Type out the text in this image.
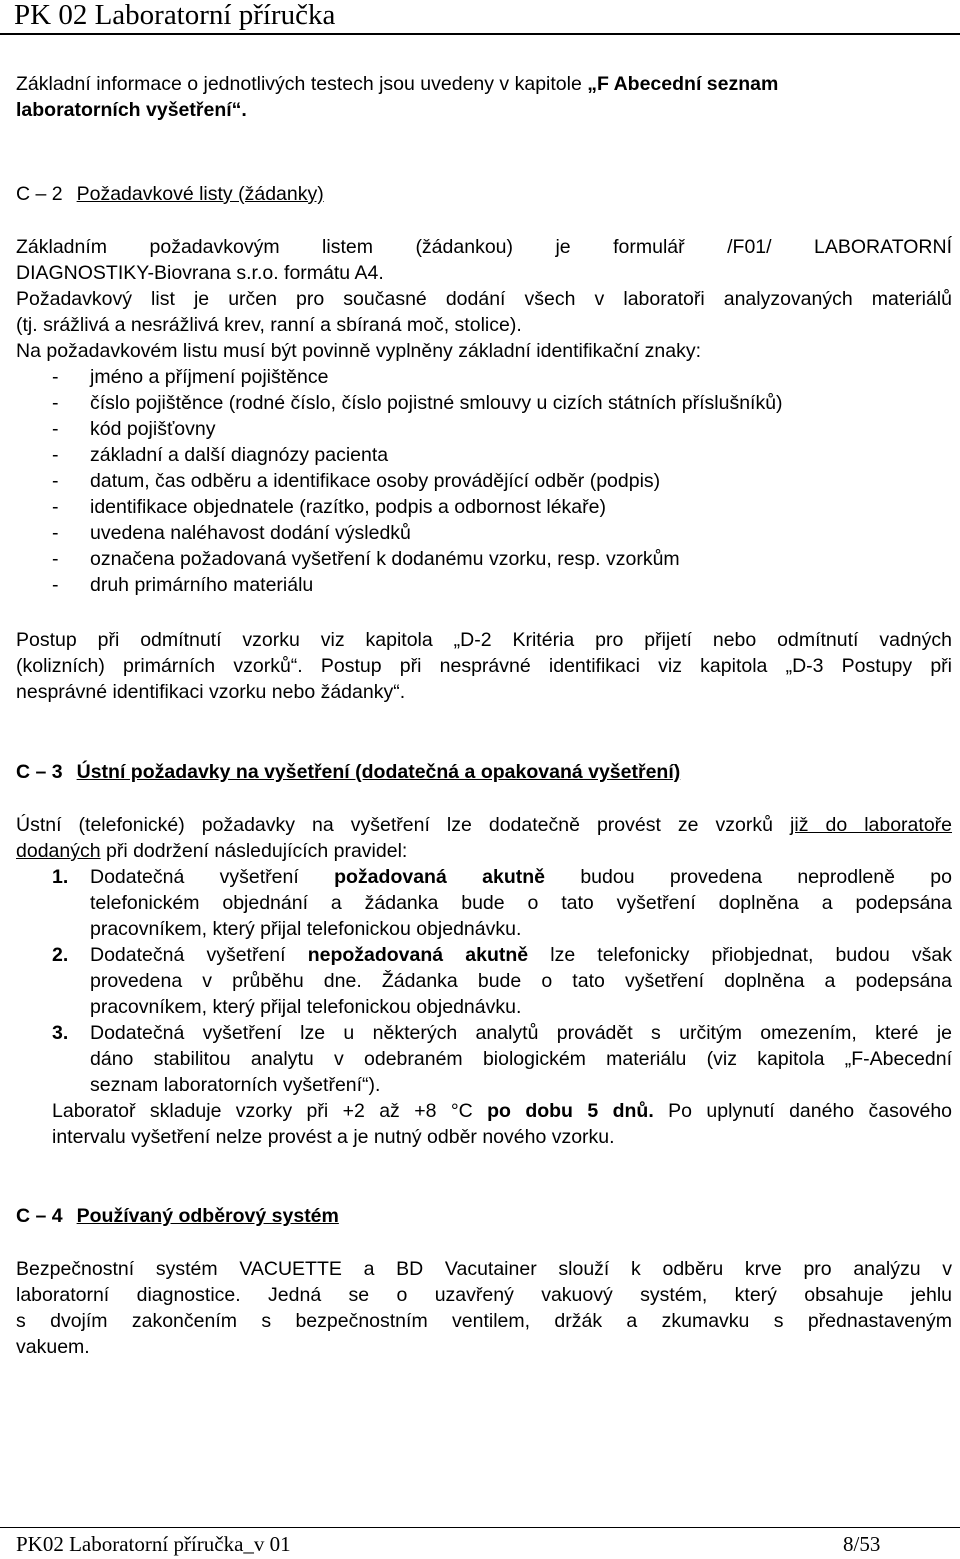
PK 02 Laboratorní příručka
Základní informace o jednotlivých testech jsou uvedeny v kapitole „F Abecední seznam
laboratorních vyšetření“.
C – 2 Požadavkové listy (žádanky)
Základním požadavkovým listem (žádankou) je formulář /F01/ LABORATORNÍ
DIAGNOSTIKY-Biovrana s.r.o. formátu A4.
Požadavkový list je určen pro současné dodání všech v laboratoři analyzovaných materiálů
(tj. srážlivá a nesrážlivá krev, ranní a sbíraná moč, stolice).
Na požadavkovém listu musí být povinně vyplněny základní identifikační znaky:
- jméno a příjmení pojištěnce
- číslo pojištěnce (rodné číslo, číslo pojistné smlouvy u cizích státních příslušníků)
- kód pojišťovny
- základní a další diagnózy pacienta
- datum, čas odběru a identifikace osoby provádějící odběr (podpis)
- identifikace objednatele (razítko, podpis a odbornost lékaře)
- uvedena naléhavost dodání výsledků
- označena požadovaná vyšetření k dodanému vzorku, resp. vzorkům
- druh primárního materiálu
Postup při odmítnutí vzorku viz kapitola „D-2 Kritéria pro přijetí nebo odmítnutí vadných
(kolizních) primárních vzorků“. Postup při nesprávné identifikaci viz kapitola „D-3 Postupy při
nesprávné identifikaci vzorku nebo žádanky“.
C – 3 Ústní požadavky na vyšetření (dodatečná a opakovaná vyšetření)
Ústní (telefonické) požadavky na vyšetření lze dodatečně provést ze vzorků již do laboratoře
dodaných při dodržení následujících pravidel:
1. Dodatečná vyšetření požadovaná akutně budou provedena neprodleně po
telefonickém objednání a žádanka bude o tato vyšetření doplněna a podepsána
pracovníkem, který přijal telefonickou objednávku.
2. Dodatečná vyšetření nepožadovaná akutně lze telefonicky přiobjednat, budou však
provedena v průběhu dne. Žádanka bude o tato vyšetření doplněna a podepsána
pracovníkem, který přijal telefonickou objednávku.
3. Dodatečná vyšetření lze u některých analytů provádět s určitým omezením, které je
dáno stabilitou analytu v odebraném biologickém materiálu (viz kapitola „F-Abecední
seznam laboratorních vyšetření“).
Laboratoř skladuje vzorky při +2 až +8 °C po dobu 5 dnů. Po uplynutí daného časového
intervalu vyšetření nelze provést a je nutný odběr nového vzorku.
C – 4 Používaný odběrový systém
Bezpečnostní systém VACUETTE a BD Vacutainer slouží k odběru krve pro analýzu v
laboratorní diagnostice. Jedná se o uzavřený vakuový systém, který obsahuje jehlu
s dvojím zakončením s bezpečnostním ventilem, držák a zkumavku s přednastaveným
vakuem.
PK02 Laboratorní příručka_v 01	8/53
